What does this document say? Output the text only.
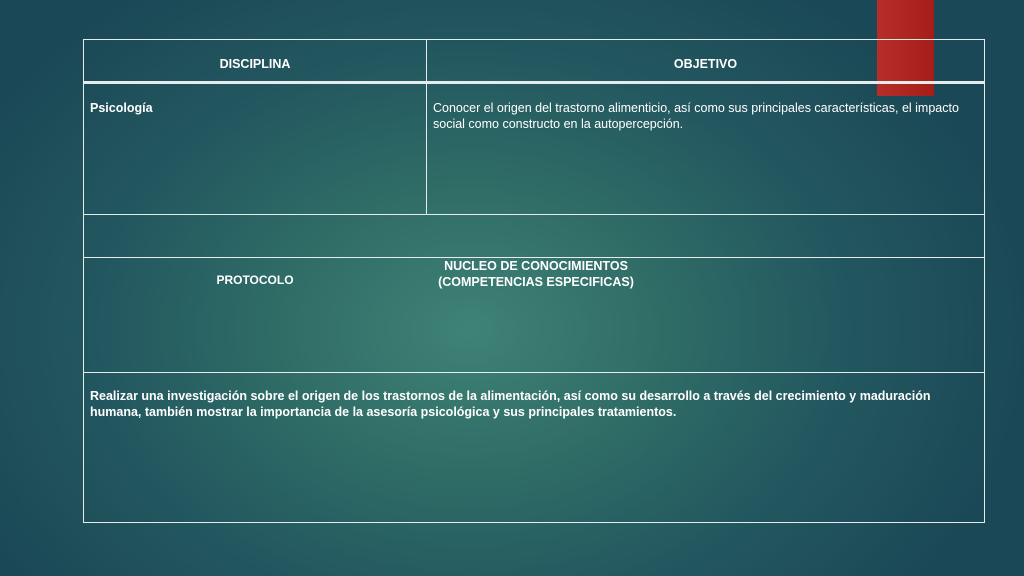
DISCIPLINA	OBJETIVO
Psicología	Conocer el origen del trastorno alimenticio, así como sus principales características, el impacto social como constructo en la autopercepción.
PROTOCOLO
NUCLEO DE CONOCIMIENTOS
(COMPETENCIAS ESPECIFICAS)
Realizar una investigación sobre el origen de los trastornos de la alimentación, así como su desarrollo a través del crecimiento y maduración humana, también mostrar la importancia de la asesoría psicológica y sus principales tratamientos.
